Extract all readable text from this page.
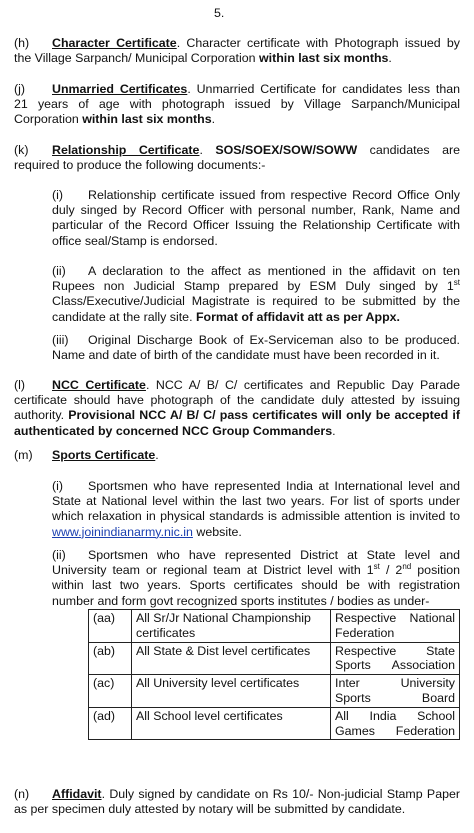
5.
(h) Character Certificate. Character certificate with Photograph issued by the Village Sarpanch/ Municipal Corporation within last six months.
(j) Unmarried Certificates. Unmarried Certificate for candidates less than 21 years of age with photograph issued by Village Sarpanch/Municipal Corporation within last six months.
(k) Relationship Certificate. SOS/SOEX/SOW/SOWW candidates are required to produce the following documents:-
(i) Relationship certificate issued from respective Record Office Only duly singed by Record Officer with personal number, Rank, Name and particular of the Record Officer Issuing the Relationship Certificate with office seal/Stamp is endorsed.
(ii) A declaration to the affect as mentioned in the affidavit on ten Rupees non Judicial Stamp prepared by ESM Duly singed by 1st Class/Executive/Judicial Magistrate is required to be submitted by the candidate at the rally site. Format of affidavit att as per Appx.
(iii) Original Discharge Book of Ex-Serviceman also to be produced. Name and date of birth of the candidate must have been recorded in it.
(l) NCC Certificate. NCC A/ B/ C/ certificates and Republic Day Parade certificate should have photograph of the candidate duly attested by issuing authority. Provisional NCC A/ B/ C/ pass certificates will only be accepted if authenticated by concerned NCC Group Commanders.
(m) Sports Certificate.
(i) Sportsmen who have represented India at International level and State at National level within the last two years. For list of sports under which relaxation in physical standards is admissible attention is invited to www.joinindianarmy.nic.in website.
(ii) Sportsmen who have represented District at State level and University team or regional team at District level with 1st / 2nd position within last two years. Sports certificates should be with registration number and form govt recognized sports institutes / bodies as under-
(aa)	All Sr/Jr National Championship certificates	Respective National Federation
(ab)	All State & Dist level certificates	Respective State Sports Association
(ac)	All University level certificates	Inter University Sports Board
(ad)	All School level certificates	All India School Games Federation
(n) Affidavit. Duly signed by candidate on Rs 10/- Non-judicial Stamp Paper as per specimen duly attested by notary will be submitted by candidate.
